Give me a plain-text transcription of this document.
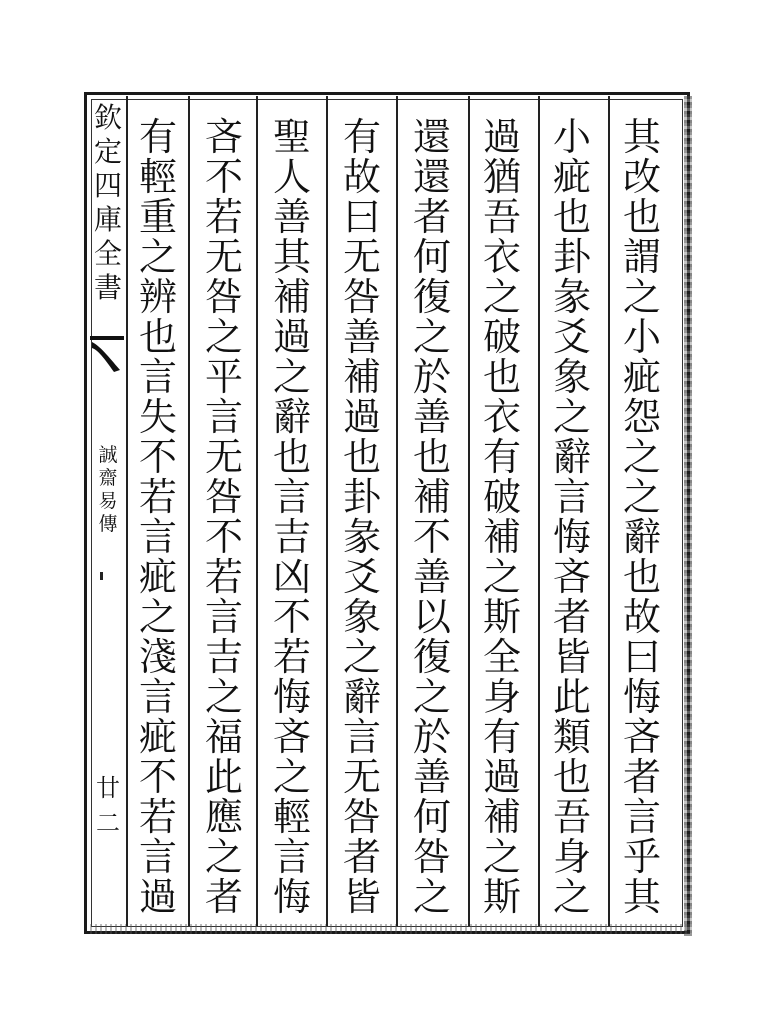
欽
定
四
庫
全
書
誠
齋
易
傳
廿二
其
改
也
謂
之
小
疵
怨
之
之
辭
也
故
曰
悔
吝
者
言
乎
其
小
疵
也
卦
彖
爻
象
之
辭
言
悔
吝
者
皆
此
類
也
吾
身
之
過
猶
吾
衣
之
破
也
衣
有
破
補
之
斯
全
身
有
過
補
之
斯
還
還
者
何
復
之
於
善
也
補
不
善
以
復
之
於
善
何
咎
之
有
故
曰
无
咎
善
補
過
也
卦
彖
爻
象
之
辭
言
无
咎
者
皆
聖
人
善
其
補
過
之
辭
也
言
吉
凶
不
若
悔
吝
之
輕
言
悔
吝
不
若
无
咎
之
平
言
无
咎
不
若
言
吉
之
福
此
應
之
者
有
輕
重
之
辨
也
言
失
不
若
言
疵
之
淺
言
疵
不
若
言
過
